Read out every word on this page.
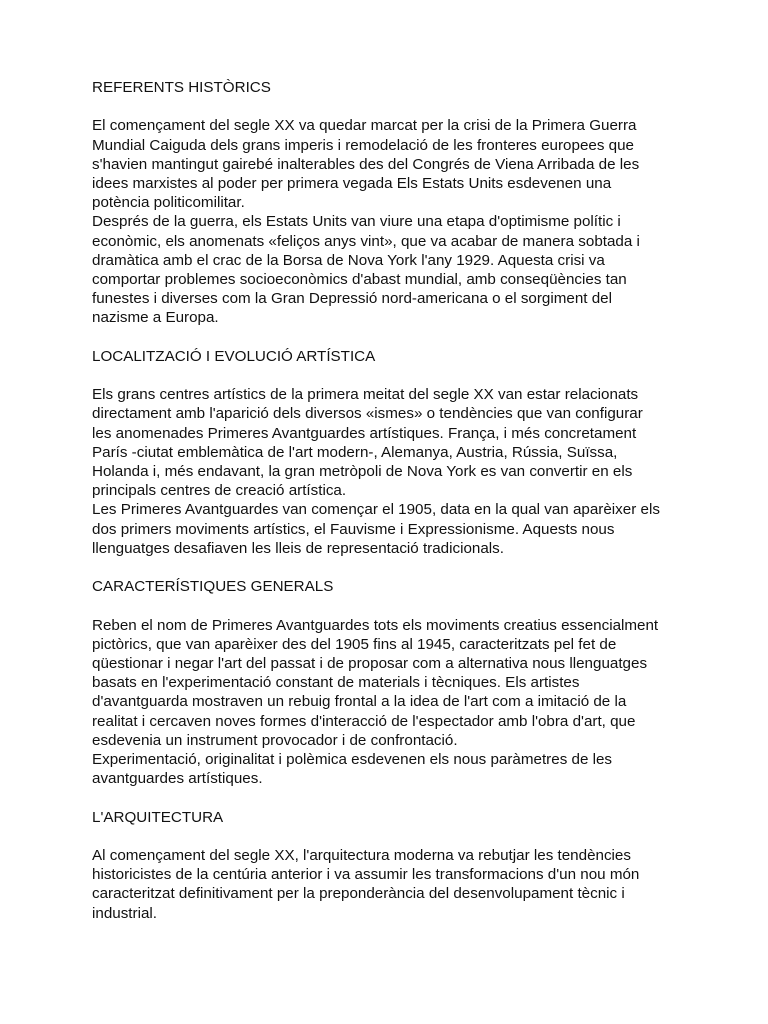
REFERENTS HISTÒRICS

El començament del segle XX va quedar marcat per la crisi de la Primera Guerra
Mundial Caiguda dels grans imperis i remodelació de les fronteres europees que
s'havien mantingut gairebé inalterables des del Congrés de Viena Arribada de les
idees marxistes al poder per primera vegada Els Estats Units esdevenen una
potència politicomilitar.

Després de la guerra, els Estats Units van viure una etapa d'optimisme polític i
econòmic, els anomenats «feliços anys vint», que va acabar de manera sobtada i
dramàtica amb el crac de la Borsa de Nova York l'any 1929. Aquesta crisi va
comportar problemes socioeconòmics d'abast mundial, amb conseqüències tan
funestes i diverses com la Gran Depressió nord-americana o el sorgiment del
nazisme a Europa.

LOCALITZACIÓ I EVOLUCIÓ ARTÍSTICA

Els grans centres artístics de la primera meitat del segle XX van estar relacionats
directament amb l'aparició dels diversos «ismes» o tendències que van configurar
les anomenades Primeres Avantguardes artístiques. França, i més concretament
París -ciutat emblemàtica de l'art modern-, Alemanya, Austria, Rússia, Suïssa,
Holanda i, més endavant, la gran metròpoli de Nova York es van convertir en els
principals centres de creació artística.

Les Primeres Avantguardes van començar el 1905, data en la qual van aparèixer els
dos primers moviments artístics, el Fauvisme i Expressionisme. Aquests nous
llenguatges desafiaven les lleis de representació tradicionals.

CARACTERÍSTIQUES GENERALS

Reben el nom de Primeres Avantguardes tots els moviments creatius essencialment
pictòrics, que van aparèixer des del 1905 fins al 1945, caracteritzats pel fet de
qüestionar i negar l'art del passat i de proposar com a alternativa nous llenguatges
basats en l'experimentació constant de materials i tècniques. Els artistes
d'avantguarda mostraven un rebuig frontal a la idea de l'art com a imitació de la
realitat i cercaven noves formes d'interacció de l'espectador amb l'obra d'art, que
esdevenia un instrument provocador i de confrontació.

Experimentació, originalitat i polèmica esdevenen els nous paràmetres de les
avantguardes artístiques.

L'ARQUITECTURA

Al començament del segle XX, l'arquitectura moderna va rebutjar les tendències
historicistes de la centúria anterior i va assumir les transformacions d'un nou món
caracteritzat definitivament per la preponderància del desenvolupament tècnic i
industrial.
